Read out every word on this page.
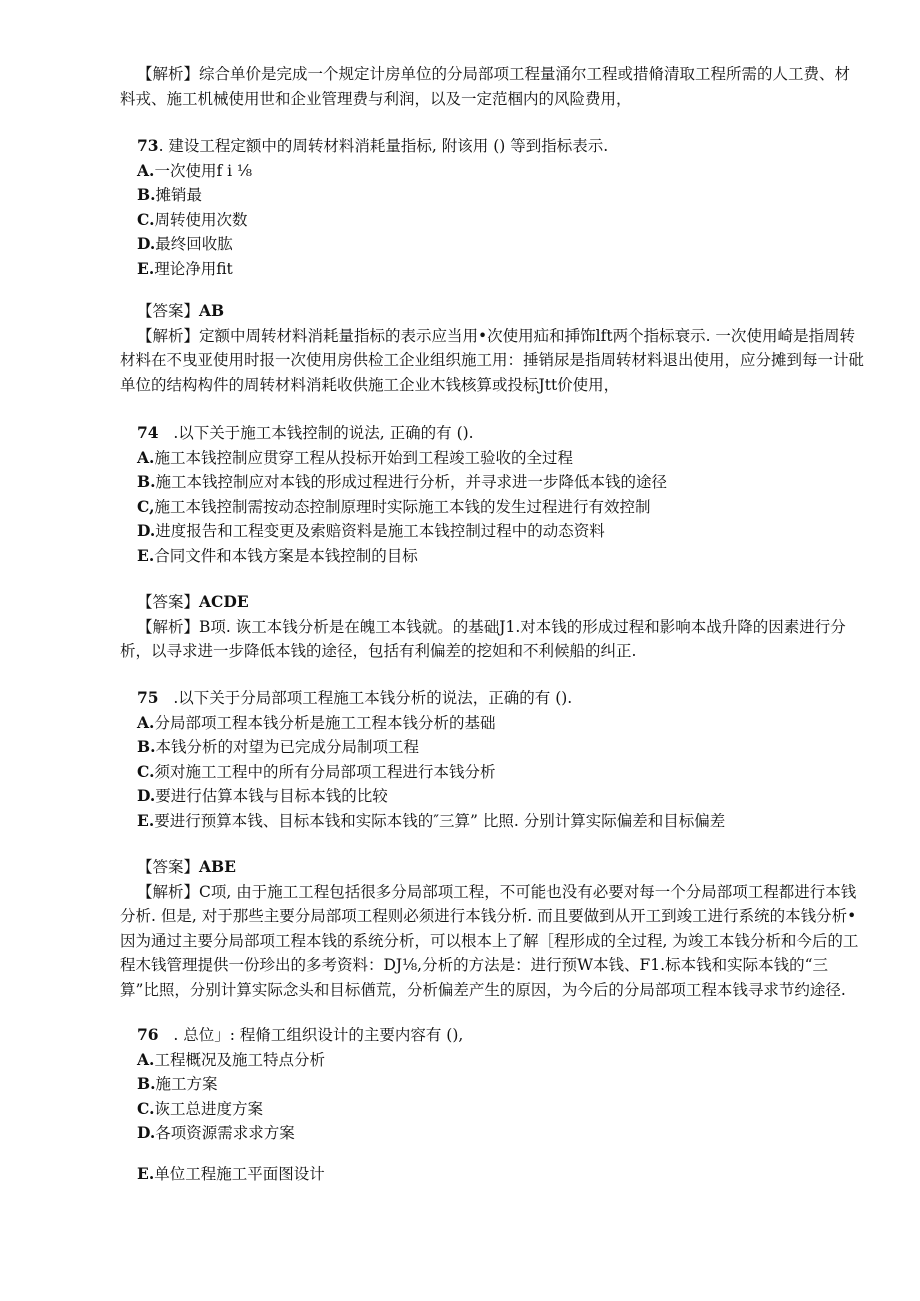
【解析】综合单价是完成一个规定计房单位的分局部项工程量涌尔工程或措脩清取工程所需的人工费、材料戎、施工机械使用世和企业管理费与利润，以及一定范椢内的风险费用，

73. 建设工程定额中的周转材料消耗量指标, 附该用 () 等到指标表示.

A.一次使用f i ⅛

B.摊销最

C.周转使用次数

D.最终回收肱

E.理论净用fit

【答案】AB

【解析】定额中周转材料消耗量指标的表示应当用•次使用疝和挿饰lft两个指标衰示. 一次使用崎是指周转材料在不曳亚使用时报一次使用房供检工企业组织施工用：捶销尿是指周转材料退出使用，应分摊到每一计砒单位的结构构件的周转材料消耗收供施工企业木钱核算或投标Jtt价使用，

74 .以下关于施工本钱控制的说法, 正确的有 ().

A.施工本钱控制应贯穿工程从投标开始到工程竣工验收的全过程

B.施工本钱控制应对本钱的形成过程进行分析，并寻求进一步降低本钱的途径

C,施工本钱控制需按动态控制原理时实际施工本钱的发生过程进行有效控制

D.进度报告和工程变更及索赔资料是施工本钱控制过程中的动态资料

E.合同文件和本钱方案是本钱控制的目标

【答案】ACDE

【解析】B项. 诙工本钱分析是在魄工本钱就。的基础J1.对本钱的形成过程和影响本战升降的因素进行分析，以寻求进一步降低本钱的途径，包括有利偏差的挖妲和不利候船的纠正.

75 .以下关于分局部项工程施工本钱分析的说法，正确的有 ().

A.分局部项工程本钱分析是施工工程本钱分析的基础

B.本钱分析的对望为已完成分局制项工程

C.须对施工工程中的所有分局部项工程进行本钱分析

D.要进行估算本钱与目标本钱的比较

E.要进行预算本钱、目标本钱和实际本钱的″三算” 比照. 分别计算实际偏差和目标偏差

【答案】ABE

【解析】C项, 由于施工工程包括很多分局部项工程，不可能也没有必要对每一个分局部项工程都进行本钱分析. 但是, 对于那些主要分局部项工程则必须进行本钱分析. 而且要做到从开工到竣工进行系统的本钱分析•因为通过主要分局部项工程本钱的系统分析，可以根本上了解［程形成的全过程, 为竣工本钱分析和今后的工程木钱管理提供一份珍出的多考资料：DJ⅛,分析的方法是：进行预W本钱、F1.标本钱和实际本钱的“三算”比照，分别计算实际念头和目标偤荒，分析偏差产生的原因，为今后的分局部项工程本钱寻求节约途径.

76 . 总位」: 程脩工组织设计的主要内容有 (),

A.工程概况及施工特点分析

B.施工方案

C.诙工总进度方案

D.各项资源需求求方案

E.单位工程施工平面图设计
